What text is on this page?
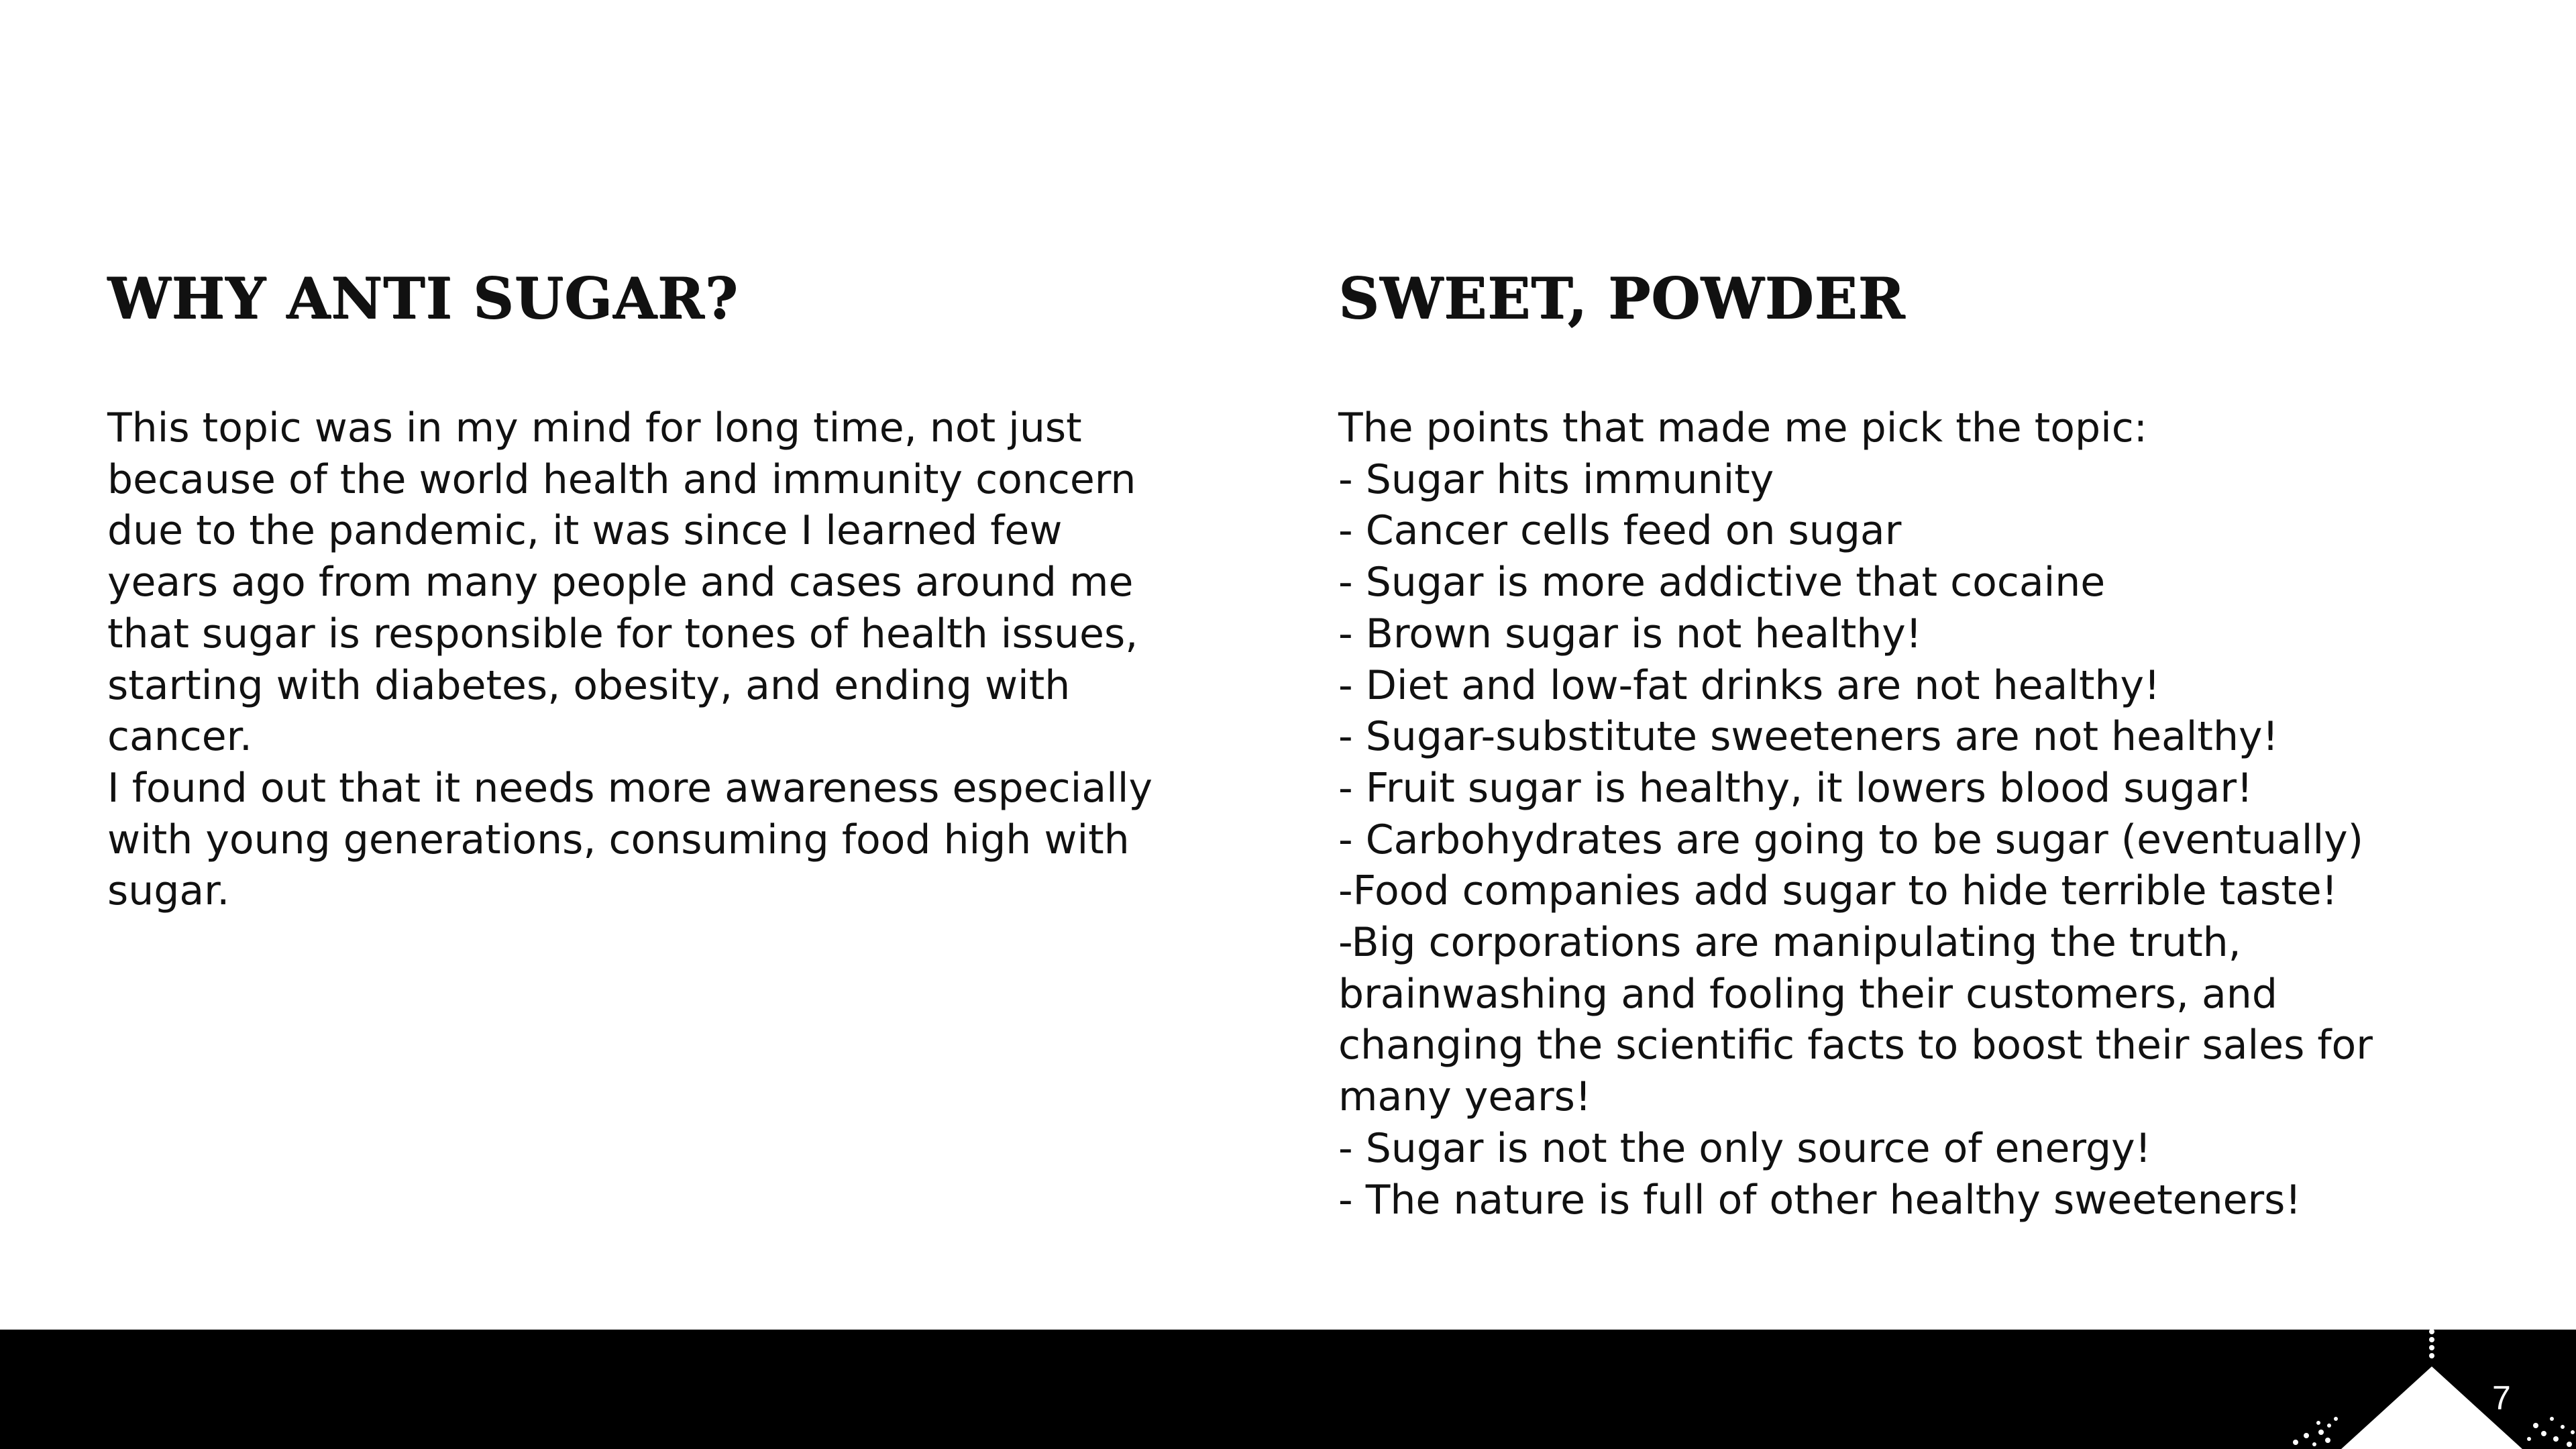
WHY ANTI SUGAR?
This topic was in my mind for long time, not just
because of the world health and immunity concern
due to the pandemic, it was since I learned few
years ago from many people and cases around me
that sugar is responsible for tones of health issues,
starting with diabetes, obesity, and ending with
cancer.
I found out that it needs more awareness especially
with young generations, consuming food high with
sugar.
SWEET, POWDER
The points that made me pick the topic:
- Sugar hits immunity
- Cancer cells feed on sugar
- Sugar is more addictive that cocaine
- Brown sugar is not healthy!
- Diet and low-fat drinks are not healthy!
- Sugar-substitute sweeteners are not healthy!
- Fruit sugar is healthy, it lowers blood sugar!
- Carbohydrates are going to be sugar (eventually)
-Food companies add sugar to hide terrible taste!
-Big corporations are manipulating the truth,
brainwashing and fooling their customers, and
changing the scientific facts to boost their sales for
many years!
- Sugar is not the only source of energy!
- The nature is full of other healthy sweeteners!
7
